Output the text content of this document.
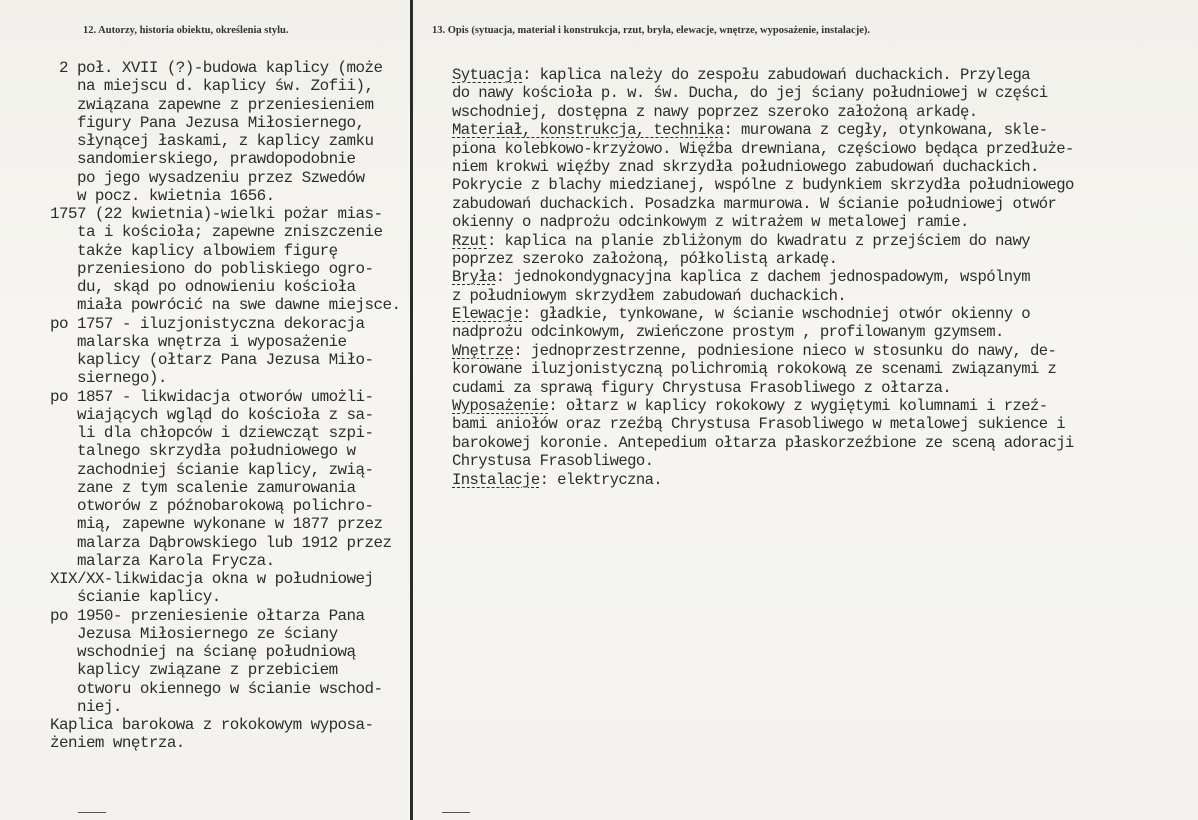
12. Autorzy, historia obiektu, określenia stylu.	13. Opis (sytuacja, materiał i konstrukcja, rzut, bryła, elewacje, wnętrze, wyposażenie, instalacje).
2 poł. XVII (?)-budowa kaplicy (może
na miejscu d. kaplicy św. Zofii),
związana zapewne z przeniesieniem
figury Pana Jezusa Miłosiernego,
słynącej łaskami, z kaplicy zamku
sandomierskiego, prawdopodobnie
po jego wysadzeniu przez Szwedów
w pocz. kwietnia 1656.
1757 (22 kwietnia)-wielki pożar mias-
ta i kościoła; zapewne zniszczenie
także kaplicy albowiem figurę
przeniesiono do pobliskiego ogro-
du, skąd po odnowieniu kościoła
miała powrócić na swe dawne miejsce.
po 1757 - iluzjonistyczna dekoracja
malarska wnętrza i wyposażenie
kaplicy (ołtarz Pana Jezusa Miło-
siernego).
po 1857 - likwidacja otworów umożli-
wiających wgląd do kościoła z sa-
li dla chłopców i dziewcząt szpi-
talnego skrzydła południowego w
zachodniej ścianie kaplicy, zwią-
zane z tym scalenie zamurowania
otworów z późnobarokową polichro-
mią, zapewne wykonane w 1877 przez
malarza Dąbrowskiego lub 1912 przez
malarza Karola Frycza.
XIX/XX-likwidacja okna w południowej
ścianie kaplicy.
po 1950- przeniesienie ołtarza Pana
Jezusa Miłosiernego ze ściany
wschodniej na ścianę południową
kaplicy związane z przebiciem
otworu okiennego w ścianie wschod-
niej.
Kaplica barokowa z rokokowym wyposa-
żeniem wnętrza.
Sytuacja: kaplica należy do zespołu zabudowań duchackich. Przylega
do nawy kościoła p. w. św. Ducha, do jej ściany południowej w części
wschodniej, dostępna z nawy poprzez szeroko założoną arkadę.
Materiał, konstrukcja, technika: murowana z cegły, otynkowana, skle-
piona kolebkowo-krzyżowo. Więźba drewniana, częściowo będąca przedłuże-
niem krokwi więźby znad skrzydła południowego zabudowań duchackich.
Pokrycie z blachy miedzianej, wspólne z budynkiem skrzydła południowego
zabudowań duchackich. Posadzka marmurowa. W ścianie południowej otwór
okienny o nadprożu odcinkowym z witrażem w metalowej ramie.
Rzut: kaplica na planie zbliżonym do kwadratu z przejściem do nawy
poprzez szeroko założoną, półkolistą arkadę.
Bryła: jednokondygnacyjna kaplica z dachem jednospadowym, wspólnym
z południowym skrzydłem zabudowań duchackich.
Elewacje: gładkie, tynkowane, w ścianie wschodniej otwór okienny o
nadprożu odcinkowym, zwieńczone prostym , profilowanym gzymsem.
Wnętrze: jednoprzestrzenne, podniesione nieco w stosunku do nawy, de-
korowane iluzjonistyczną polichromią rokokową ze scenami związanymi z
cudami za sprawą figury Chrystusa Frasobliwego z ołtarza.
Wyposażenie: ołtarz w kaplicy rokokowy z wygiętymi kolumnami i rzeź-
bami aniołów oraz rzeźbą Chrystusa Frasobliwego w metalowej sukience i
barokowej koronie. Antepedium ołtarza płaskorzeźbione ze sceną adoracji
Chrystusa Frasobliwego.
Instalacje: elektryczna.
